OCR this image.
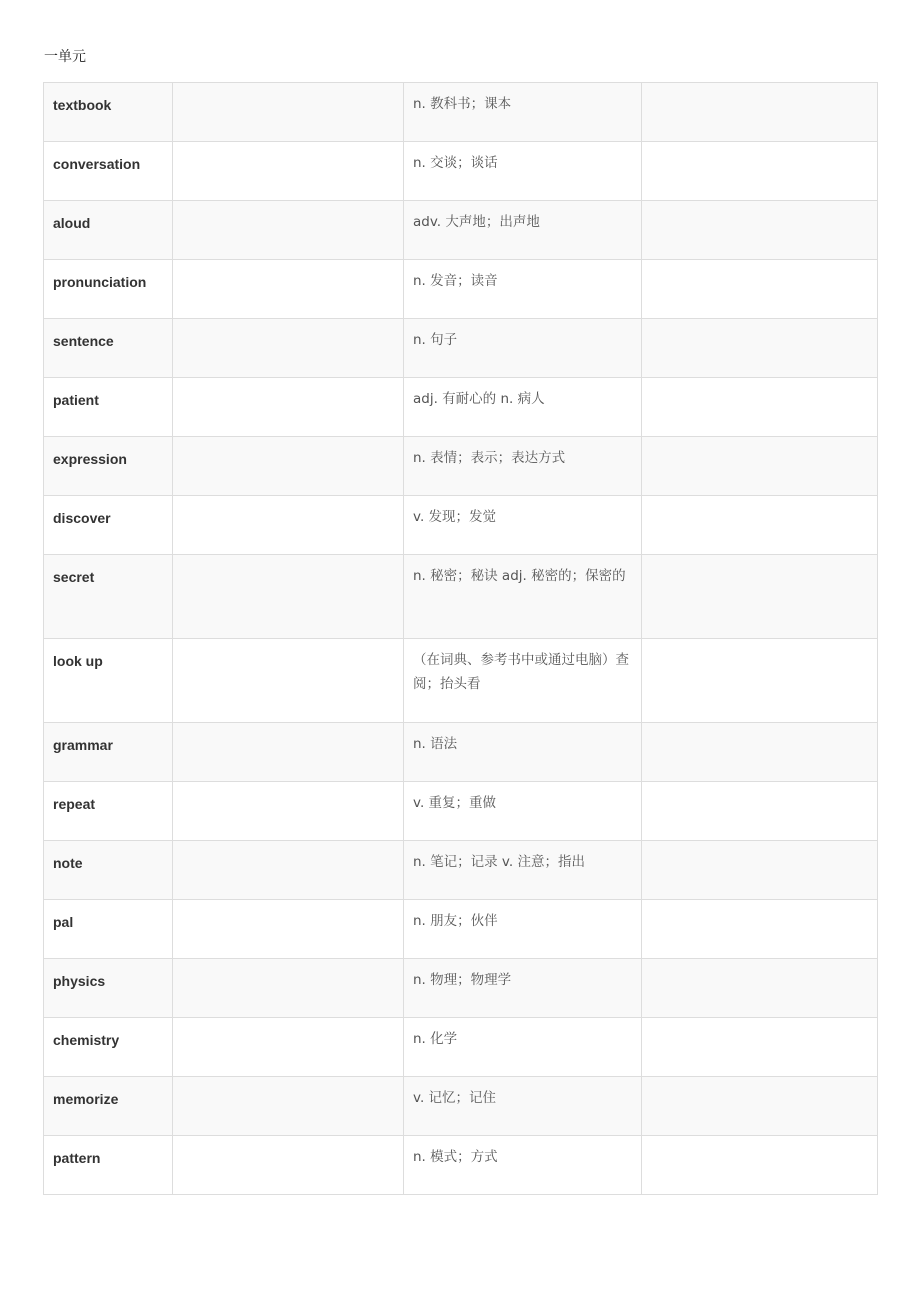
一单元
textbook		n. 教科书；课本	
conversation		n. 交谈；谈话	
aloud		adv. 大声地；出声地	
pronunciation		n. 发音；读音	
sentence		n. 句子	
patient		adj. 有耐心的 n. 病人	
expression		n. 表情；表示；表达方式	
discover		v. 发现；发觉	
secret		n. 秘密；秘诀 adj. 秘密的；保密的	
look up		（在词典、参考书中或通过电脑）查阅；抬头看	
grammar		n. 语法	
repeat		v. 重复；重做	
note		n. 笔记；记录 v. 注意；指出	
pal		n. 朋友；伙伴	
physics		n. 物理；物理学	
chemistry		n. 化学	
memorize		v. 记忆；记住	
pattern		n. 模式；方式	
